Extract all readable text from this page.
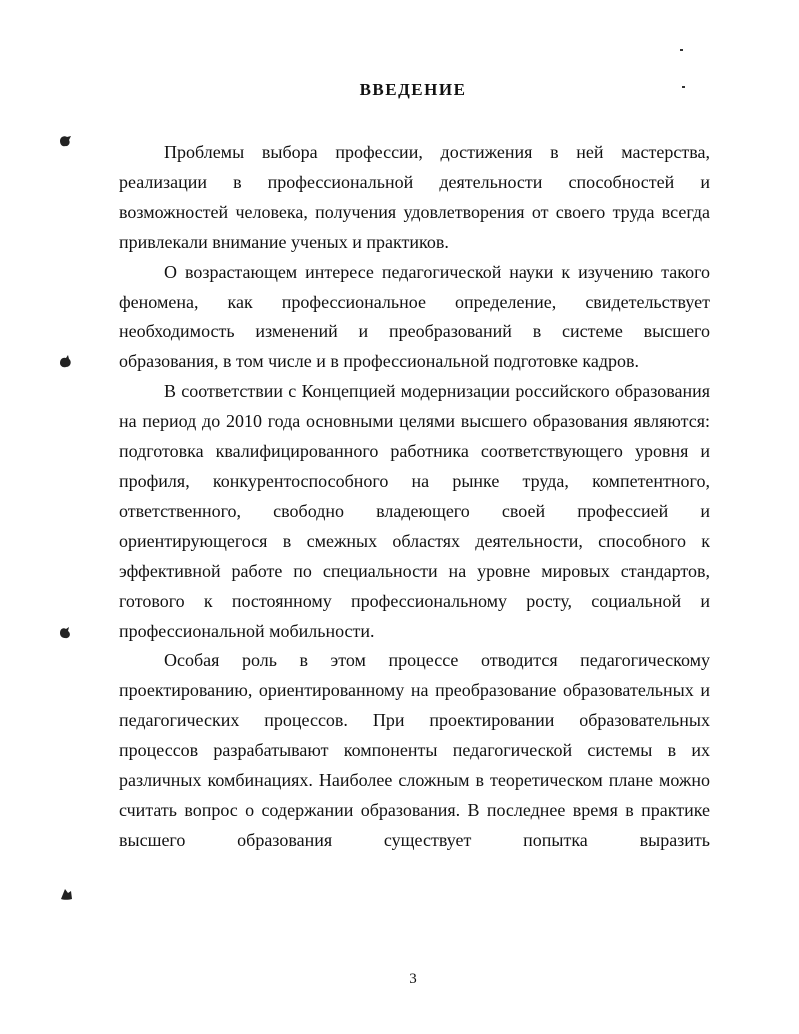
ВВЕДЕНИЕ

Проблемы выбора профессии, достижения в ней мастерства, реализации в профессиональной деятельности способностей и возможностей человека, получения удовлетворения от своего труда всегда привлекали внимание ученых и практиков.

О возрастающем интересе педагогической науки к изучению такого феномена, как профессиональное определение, свидетельствует необходимость изменений и преобразований в системе высшего образования, в том числе и в профессиональной подготовке кадров.

В соответствии с Концепцией модернизации российского образования на период до 2010 года основными целями высшего образования являются: подготовка квалифицированного работника соответствующего уровня и профиля, конкурентоспособного на рынке труда, компетентного, ответственного, свободно владеющего своей профессией и ориентирующегося в смежных областях деятельности, способного к эффективной работе по специальности на уровне мировых стандартов, готового к постоянному профессиональному росту, социальной и профессиональной мобильности.

Особая роль в этом процессе отводится педагогическому проектированию, ориентированному на преобразование образовательных и педагогических процессов. При проектировании образовательных процессов разрабатывают компоненты педагогической системы в их различных комбинациях. Наиболее сложным в теоретическом плане можно считать вопрос о содержании образования. В последнее время в практике высшего образования существует попытка выразить

3
